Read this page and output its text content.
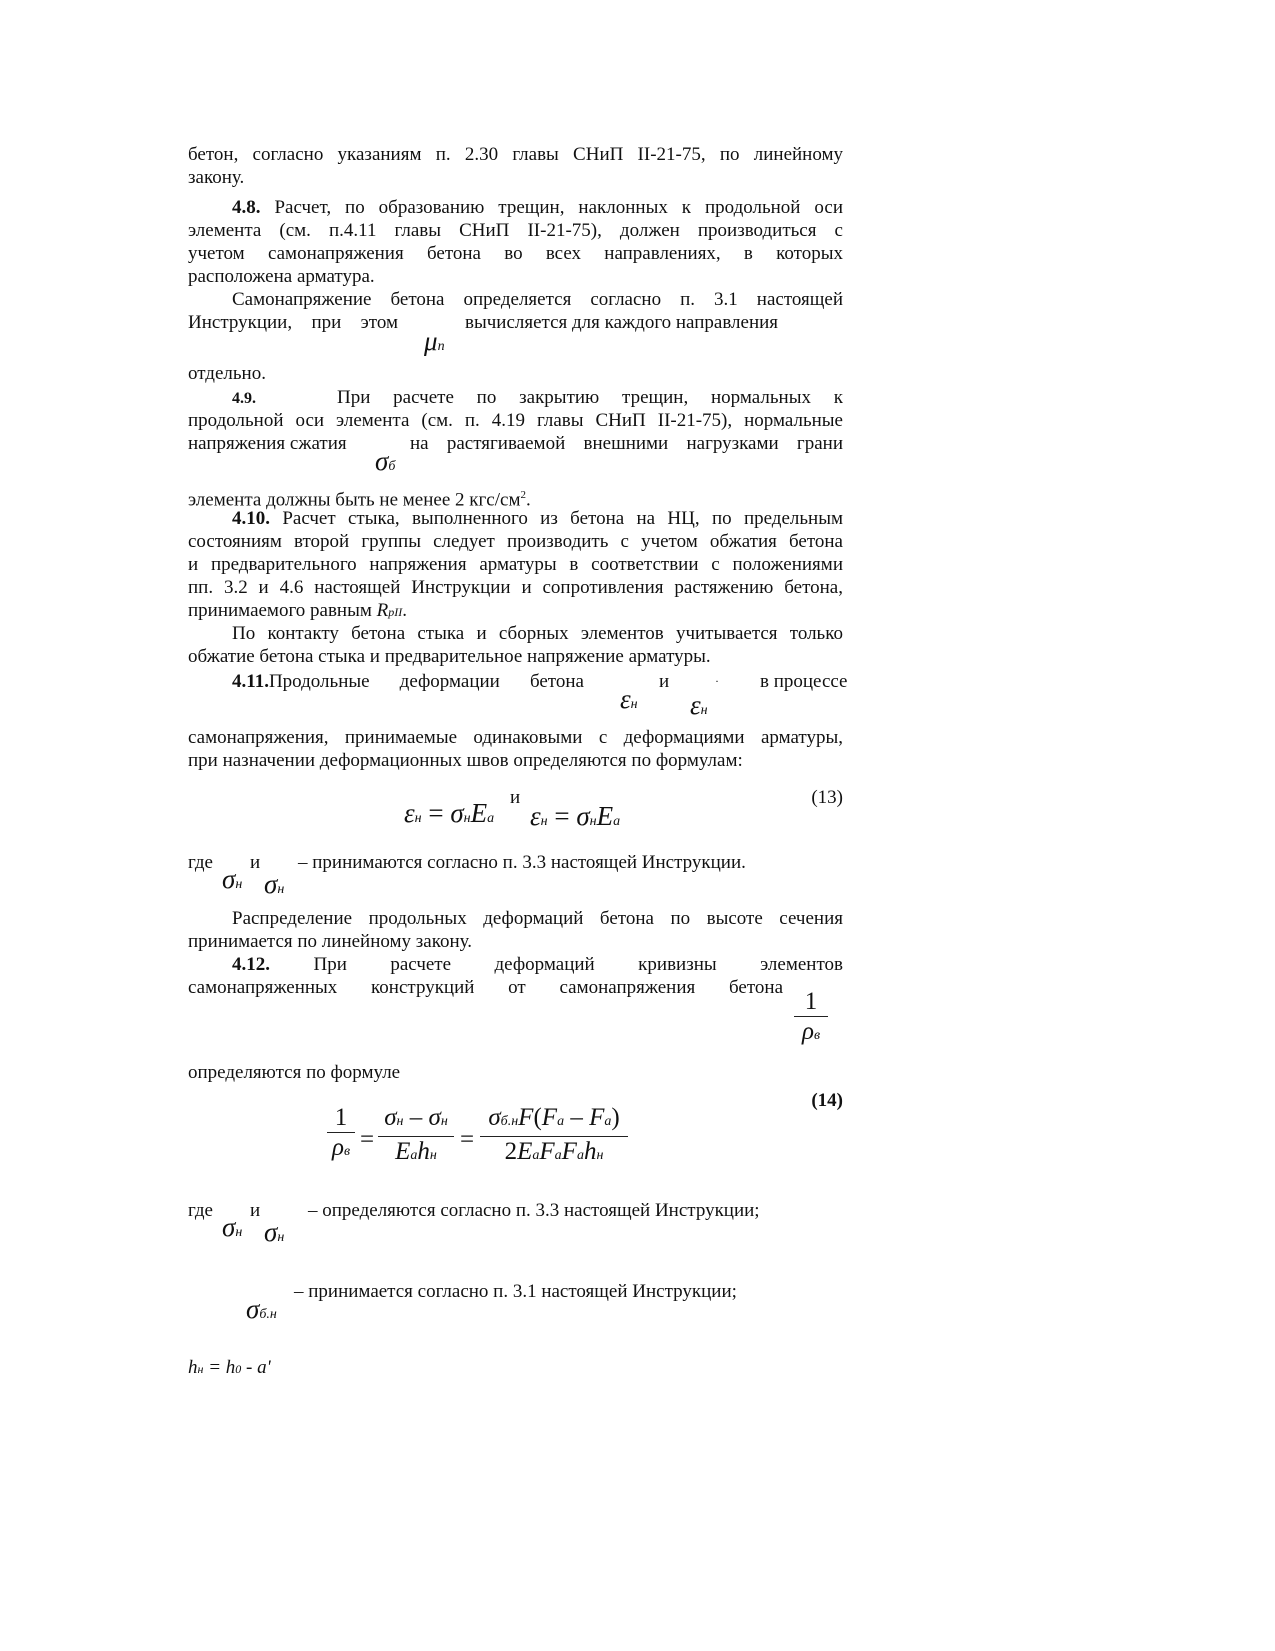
бетон, согласно указаниям п. 2.30 главы СНиП II-21-75, по линейному
закону.
4.8. Расчет, по образованию трещин, наклонных к продольной оси
элемента (см. п.4.11 главы СНиП II-21-75), должен производиться с
учетом самонапряжения бетона во всех направлениях, в которых
расположена арматура.
Самонапряжение бетона определяется согласно п. 3.1 настоящей
Инструкции, при этом	вычисляется для каждого направления
μп
отдельно.
4.9.	При расчете по закрытию трещин, нормальных к
продольной оси элемента (см. п. 4.19 главы СНиП II-21-75), нормальные
напряжения сжатия	на растягиваемой внешними нагрузками грани
σб
элемента должны быть не менее 2 кгс/$см^2$.
4.10. Расчет стыка, выполненного из бетона на НЦ, по предельным
состояниям второй группы следует производить с учетом обжатия бетона
и предварительного напряжения арматуры в соответствии с положениями
пп. 3.2 и 4.6 настоящей Инструкции и сопротивления растяжению бетона,
принимаемого равным RрII.
По контакту бетона стыка и сборных элементов учитывается только
обжатие бетона стыка и предварительное напряжение арматуры.
4.11.Продольные деформации бетона	и	· в процессе
εн εн
самонапряжения, принимаемые одинаковыми с деформациями арматуры,
при назначении деформационных швов определяются по формулам:
и	(13)
εн = σнEа εн = σнEа
где и – принимаются согласно п. 3.3 настоящей Инструкции.
σн σн
Распределение продольных деформаций бетона по высоте сечения
принимается по линейному закону.
4.12. При расчете деформаций кривизны элементов
самонапряженных конструкций от самонапряжения бетона
1
ρв
определяются по формуле
(14)
1
ρв =
σн – σн
Eаhн
=
σб.нF(Fа – Fа)
2EаFаFаhн
где и	– определяются согласно п. 3.3 настоящей Инструкции;
σн σн
– принимается согласно п. 3.1 настоящей Инструкции;
σб.н
hн = h0 - a'
